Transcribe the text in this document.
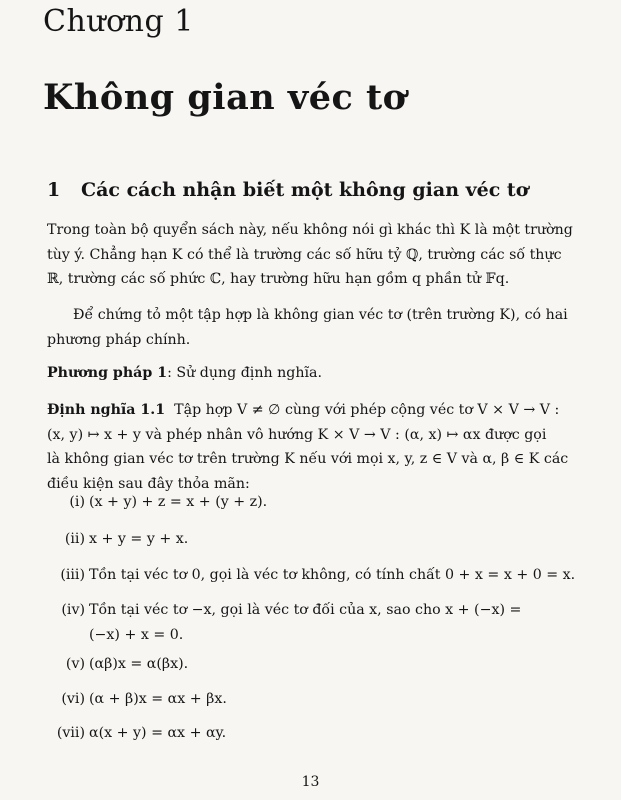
Chương 1
Không gian véc tơ
1 Các cách nhận biết một không gian véc tơ
Trong toàn bộ quyển sách này, nếu không nói gì khác thì K là một trường
tùy ý. Chẳng hạn K có thể là trường các số hữu tỷ ℚ, trường các số thực
ℝ, trường các số phức ℂ, hay trường hữu hạn gồm q phần tử 𝔽q.
Để chứng tỏ một tập hợp là không gian véc tơ (trên trường K), có hai
phương pháp chính.
Phương pháp 1: Sử dụng định nghĩa.
Định nghĩa 1.1 Tập hợp V ≠ ∅ cùng với phép cộng véc tơ V × V → V :
(x, y) ↦ x + y và phép nhân vô hướng K × V → V : (α, x) ↦ αx được gọi
là không gian véc tơ trên trường K nếu với mọi x, y, z ∈ V và α, β ∈ K các
điều kiện sau đây thỏa mãn:
(i) (x + y) + z = x + (y + z).
(ii) x + y = y + x.
(iii) Tồn tại véc tơ 0, gọi là véc tơ không, có tính chất 0 + x = x + 0 = x.
(iv) Tồn tại véc tơ −x, gọi là véc tơ đối của x, sao cho x + (−x) =
(−x) + x = 0.
(v) (αβ)x = α(βx).
(vi) (α + β)x = αx + βx.
(vii) α(x + y) = αx + αy.
13
